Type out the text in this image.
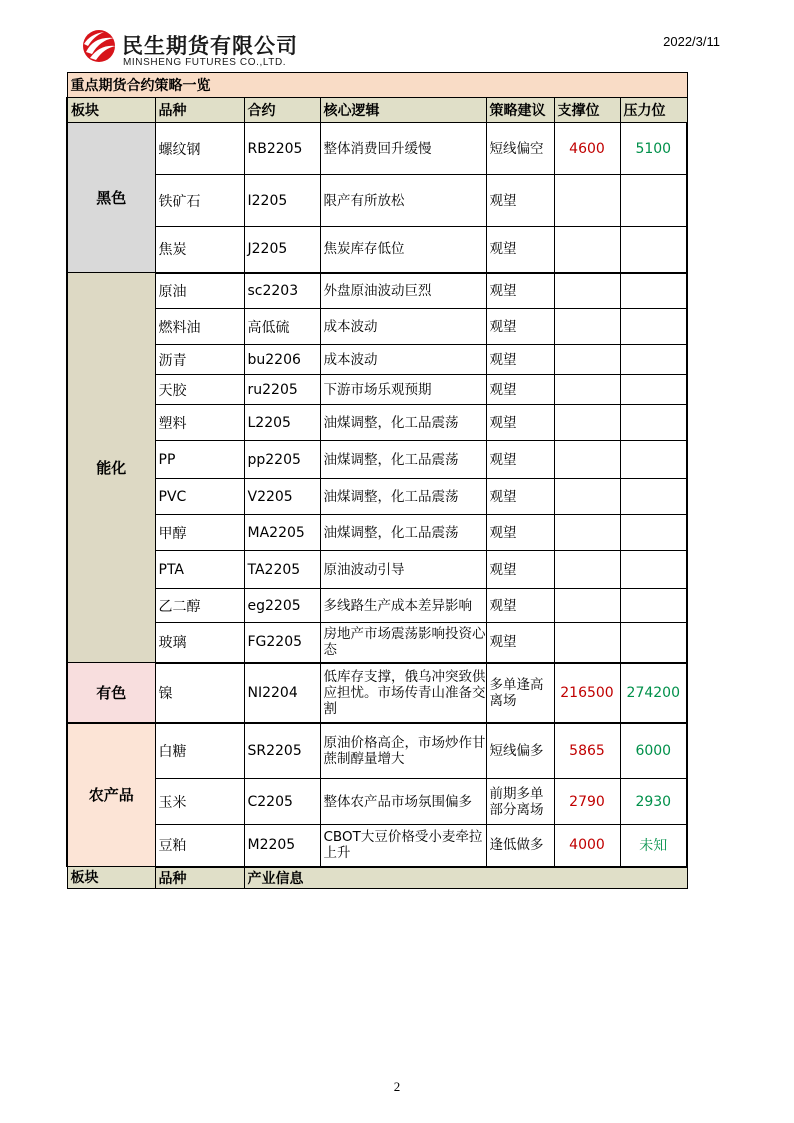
民生期货有限公司
MINSHENG FUTURES CO.,LTD.
2022/3/11
重点期货合约策略一览						
板块	品种	合约	核心逻辑	策略建议	支撑位	压力位
黑色	螺纹钢	RB2205	整体消费回升缓慢	短线偏空	4600	5100
	铁矿石	I2205	限产有所放松	观望		
	焦炭	J2205	焦炭库存低位	观望		
能化	原油	sc2203	外盘原油波动巨烈	观望		
	燃料油	高低硫	成本波动	观望		
	沥青	bu2206	成本波动	观望		
	天胶	ru2205	下游市场乐观预期	观望		
	塑料	L2205	油煤调整，化工品震荡	观望		
	PP	pp2205	油煤调整，化工品震荡	观望		
	PVC	V2205	油煤调整，化工品震荡	观望		
	甲醇	MA2205	油煤调整，化工品震荡	观望		
	PTA	TA2205	原油波动引导	观望		
	乙二醇	eg2205	多线路生产成本差异影响	观望		
	玻璃	FG2205	房地产市场震荡影响投资心态	观望		
有色	镍	NI2204	低库存支撑，俄乌冲突致供应担忧。市场传青山准备交割	多单逢高离场	216500	274200
农产品	白糖	SR2205	原油价格高企，市场炒作甘蔗制醇量增大	短线偏多	5865	6000
	玉米	C2205	整体农产品市场氛围偏多	前期多单部分离场	2790	2930
	豆粕	M2205	CBOT大豆价格受小麦牵拉上升	逢低做多	4000	未知
板块	品种	产业信息				
2
